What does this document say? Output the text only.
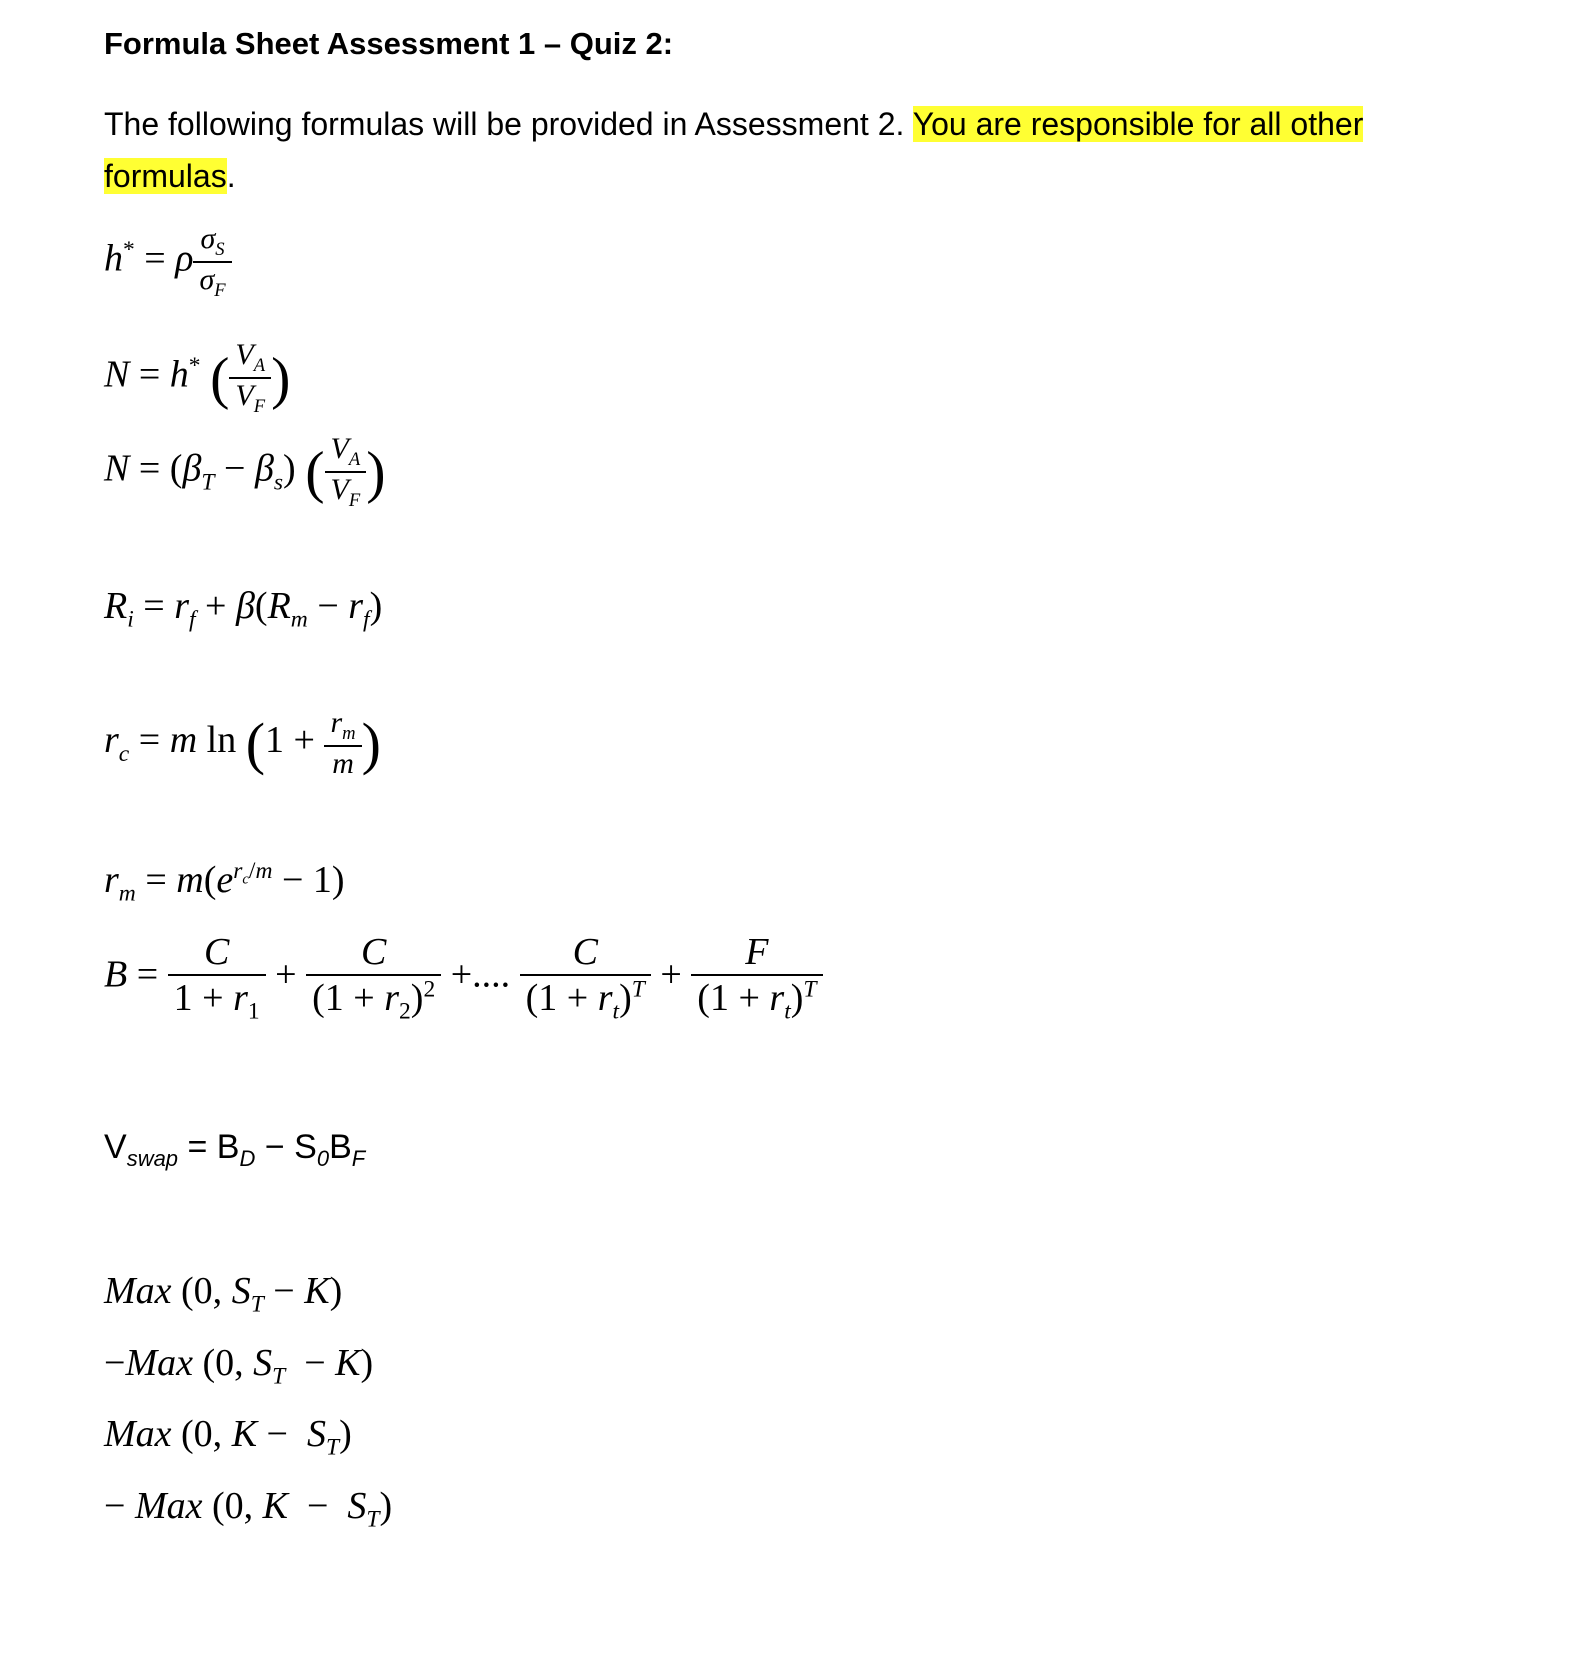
Formula Sheet Assessment 1 – Quiz 2:
The following formulas will be provided in Assessment 2. You are responsible for all other formulas.
h* = ρ $\frac{\sigma_S}{\sigma_F}$
N = h* ( $\frac{V_A}{V_F}$ )
$N = (\beta_T - \beta_s)$ ( $\frac{V_A}{V_F}$ )
$R_i = r_f + \beta(R_m - r_f)$
$r_c = m$ $\ln (1 + \frac{r_m}{m}$ )
$r_m = m(e^{r_c/m} - 1)$
$B = \frac{C}{1 + r_1} + \frac{C}{(1 + r_2)^2}$ +.... $\frac{C}{(1 + r_t)^T} + \frac{F}{(1 + r_t)^T}$
$V_{swap} = B_D - S_0B_F$
Max (0, $S_T - K$)
−Max (0, $S_T - K$)
Max (0, $K - S_T$)
− Max (0, $K - S_T$)
